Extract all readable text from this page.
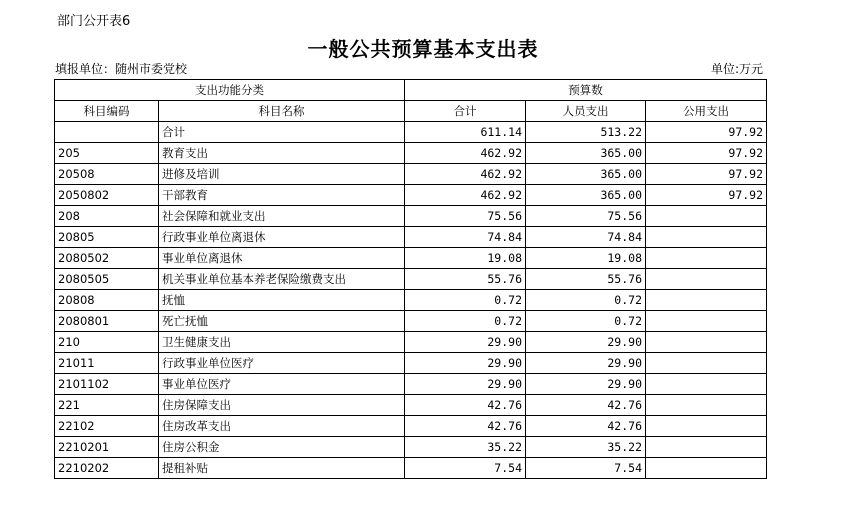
部门公开表6
一般公共预算基本支出表
填报单位：随州市委党校	单位:万元
支出功能分类		预算数		
科目编码	科目名称	合计	人员支出	公用支出
	合计	611.14	513.22	97.92
205	教育支出	462.92	365.00	97.92
20508	进修及培训	462.92	365.00	97.92
2050802	干部教育	462.92	365.00	97.92
208	社会保障和就业支出	75.56	75.56	
20805	行政事业单位离退休	74.84	74.84	
2080502	事业单位离退休	19.08	19.08	
2080505	机关事业单位基本养老保险缴费支出	55.76	55.76	
20808	抚恤	0.72	0.72	
2080801	死亡抚恤	0.72	0.72	
210	卫生健康支出	29.90	29.90	
21011	行政事业单位医疗	29.90	29.90	
2101102	事业单位医疗	29.90	29.90	
221	住房保障支出	42.76	42.76	
22102	住房改革支出	42.76	42.76	
2210201	住房公积金	35.22	35.22	
2210202	提租补贴	7.54	7.54	
